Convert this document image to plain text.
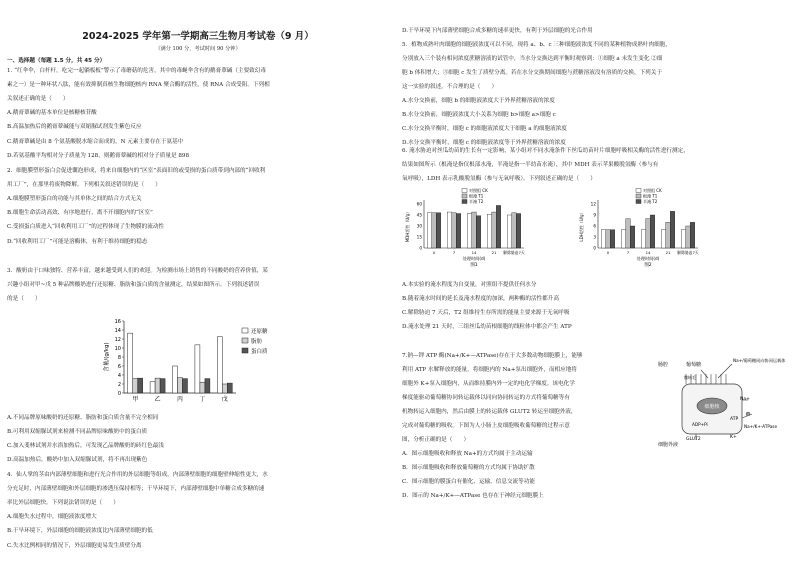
2024-2025 学年第一学期高三生物月考试卷（9 月）
（满分 100 分，考试时间 90 分钟）
一、选择题（每题 1.5 分，共 45 分）
1. “红伞伞，白杆杆，吃完一起躺板板”警示了毒蘑菇的危害，其中的毒蝇伞含有的鹅膏蕈碱（主要致幻毒
素之一）是一种环状八肽，能有效抑制真核生物细胞核内 RNA 聚合酶的活性，使 RNA 合成受阻。下列相
关叙述正确的是（　　）
A.鹅膏蕈碱的基本单位是核糖核苷酸
B.高温加热后的鹅膏蕈碱能与双缩脲试剂发生紫色反应
C.鹅膏蕈碱是由 8 个氨基酸脱水缩合而成的，N 元素主要存在于氨基中
D.若氨基酸平均相对分子质量为 128，则鹅膏蕈碱的相对分子质量是 898
2．细胞膜塑形蛋白会促进囊泡形成，将来自细胞内的“区室”表面旧的或受损的蛋白质带到内部的“回收利
用工厂”，在那里将废物降解。下列相关叙述错误的是（　　）
A.细胞膜塑形蛋白的功能与其单体之间的结合方式无关
B.细胞生命活动高效、有序地进行，离不开细胞内的“区室”
C.受损蛋白质进入“回收利用工厂”的过程体现了生物膜的流动性
D.“回收利用工厂”可能是溶酶体，有利于维持细胞的稳态
3．酸奶由于口味独特、营养丰富，越来越受到人们的欢迎。为检测市场上销售的不同酸奶的营养价值，某
兴趣小组对甲~戊 5 种品牌酸奶进行还原糖、脂肪和蛋白质的含量测定，结果如图所示。下列叙述错误
的是（　　）
0
2
4
6
8
10
12
14
16
含量/(g/kg)
甲	乙	丙	丁	戊
还原糖
脂肪
蛋白质
A.不同品牌原味酸奶的还原糖、脂肪和蛋白质含量不完全相同
B.可利用双缩脲试剂来检测不同品牌原味酸奶中的蛋白质
C.加入斐林试剂并水浴加热后，可发现乙品牌酸奶的砖红色最浅
D.高温加热后，酸奶中加入双缩脲试剂，将不再出现紫色
4．仙人掌的茎由内部薄壁细胞和进行光合作用的外层细胞等组成，内部薄壁细胞的细胞壁伸缩性更大，水
分充足时，内部薄壁细胞和外层细胞的渗透压保持相等；干旱环境下，内部薄壁细胞中单糖合成多糖的速
率比外层细胞快。下列说法错误的是（　　）
A.细胞失水过程中，细胞液浓度增大
B.干旱环境下，外层细胞的细胞液浓度比内部薄壁细胞的低
C.失水比例相同的情况下，外层细胞更易发生质壁分离
D.干旱环境下内部薄壁细胞合成多糖的速率更快，有利于外层细胞的光合作用
5．植物成熟叶肉细胞的细胞液浓度可以不同，现将 a、b、c 三种细胞液浓度不同的某种植物成熟叶肉细胞，
分别放入三个装有相同浓度蔗糖溶液的试管中，当水分交换达到平衡时观察到：①细胞 a 未发生变化 ②细
胞 b 体积增大；③细胞 c 发生了质壁分离。若在水分交换期间细胞与蔗糖溶液没有溶质的交换，下列关于
这一实验的叙述，不合理的是（　　）
A.水分交换前，细胞 b 的细胞液浓度大于外界蔗糖溶液的浓度
B.水分交换前，细胞液浓度大小关系为细胞 b>细胞 a>细胞 c
C.水分交换平衡时，细胞 c 的细胞液浓度大于细胞 a 的细胞液浓度
D.水分交换平衡时，细胞 c 的细胞液浓度等于外界蔗糖溶液的浓度
6. 淹水胁迫对丝瓜幼苗的生长有一定影响，某小组对不同水淹条件下丝瓜幼苗叶片细胞呼吸相关酶的活性进行测定，
结果如图所示（根淹是指仅根部水淹，半淹是指一半幼苗水淹），其中 MDH 表示苹果酸脱氢酶（参与有
氧呼吸），LDH 表示乳酸脱氢酶（参与无氧呼吸）。下列叙述正确的是（　　）
0
15
30
45
60
MDH活性（U/g）
0	7	14	21 解除胁迫7天
对照组 CK
根淹 T1
半淹 T2
处理时间(d)
图1
0
3
6
9
12
LDH活性（U/g）
0	7	14	21 解除胁迫7天
对照组 CK
根淹 T1
半淹 T2
处理时间(d)
图2
A.本实验的淹水程度为自变量，对照组不提供任何水分
B.随着淹水时间的延长及淹水程度的加深，两种酶的活性都升高
C.解除胁迫 7 天后，T2 组维持生存所需的能量主要来源于无氧呼吸
D.淹水处理 21 天时，三组丝瓜幼苗根细胞的线粒体中都会产生 ATP
7.钠—钾 ATP 酶(Na+/K+—ATPase)存在于大多数动物细胞膜上，能够
利用 ATP 水解释放的能量，将细胞内的 Na+泵出细胞外，而相应地将
细胞外 K+泵入细胞内，从而维持膜内外一定的电化学梯度。该电化学
梯度能驱动葡萄糖协同转运载体以同向协同转运的方式将葡萄糖等有
机物转运入细胞内，然后由膜上的转运载体 GLUT2 转运至细胞外液，
完成对葡萄糖的吸收。下图为人小肠上皮细胞吸收葡萄糖的过程示意
图，分析正确的是（　　）
A．图示细胞吸收和释放 Na+的方式均属于主动运输
B．图示细胞吸收和释放葡萄糖的方式均属于协助扩散
C．图示细胞的膜蛋白有催化、运输、信息交流等功能
D．图示的 Na+/K+—ATPase 也存在于神经元细胞膜上
细胞核
肠腔	葡萄糖
Na+/葡萄糖同向协同运载体
微绒毛
Na+
ADP+Pi
ATP
Na+/K+-ATPase
GLUT2	K+
细胞外液
